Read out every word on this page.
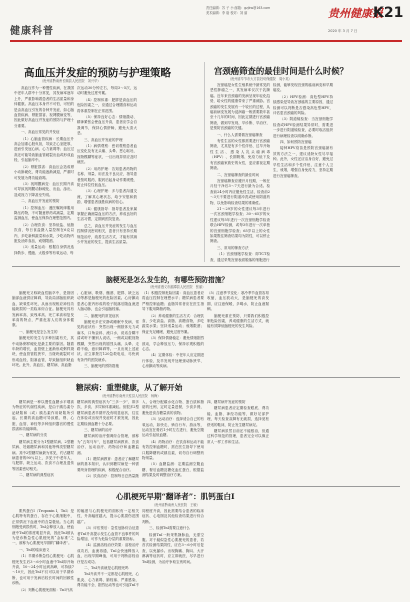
健康科普
责任编辑：苏 子 小 邮箱：gzjkw@163.com
美术编辑：李 晗 校对：刘 丽	贵州健康报
K21
2020 年 3 月 7 日
高血压并发症的预防与护理策略
（贵州省黔南州长顺县人民医院　刘兴华）

高血压作为一种慢性疾病，在我国中老年人群中十分常见，其发病率逐年上升，严重影响着患者的生活质量和身体健康。高血压本身并不可怕，可怕的是由高血压引发的各种并发症，如心脑血管疾病、肾脏损害、视网膜病变等，因此做好高血压并发症的预防与护理十分重要。

一、高血压常见的并发症

（1）心脑血管疾病：长期血压升高会加重心脏负担，导致左心室肥厚，进而引发冠心病、心力衰竭等；血压过高还可能导致脑血管破裂出血或形成血栓，引起脑卒中。

（2）肾脏损害：高血压会造成肾小动脉硬化，肾功能逐渐减退，严重时可发展为肾功能衰竭。

（3）视网膜病变：血压长期升高可导致视网膜动脉硬化、出血、渗出，造成视力下降甚至失明。

二、高血压并发症的预防

（1）控制血压：遵医嘱规律服用降压药物，不可随意停药或减量，定期监测血压，使血压保持在理想范围内。

（2）合理饮食：坚持低盐、低脂饮食，每日食盐摄入量控制在6克以内，多吃新鲜蔬菜和水果，少吃动物内脏及油炸食品，戒烟限酒。

（3）适量运动：根据自身情况选择散步、慢跑、太极拳等有氧运动，每

次运动30分钟左右，每周3～5次，运动时避免过度劳累。

（4）控制体重：肥胖是高血压的危险因素之一，应通过合理膳食和运动将体重控制在正常范围。

（5）保持良好心态：情绪激动、精神紧张会使血压升高，患者应学会自我调节，保持心情舒畅，避免大喜大悲。

三、高血压并发症的护理

（1）病情观察：密切观察患者血压变化及有无头痛、头晕、恶心呕吐、视物模糊等症状，一旦出现异常应及时就医。

（2）用药护理：告知患者药物的名称、剂量、用法及不良反应，指导患者按时服药，服药后起身动作要缓慢，防止体位性低血压。

（3）心理护理：多与患者沟通交流，了解其心理状态，给予安慰和鼓励，增强患者战胜疾病的信心。

（4）健康指导：指导患者及家属掌握正确测量血压的方法，养成良好的生活习惯，定期到医院复查。

总之，高血压并发症的发生与血压控制情况密切相关，患者只有坚持长期规范治疗，改善生活方式，才能有效减少并发症的发生，提高生活质量。

宫颈癌筛查的最佳时间是什么时候？
（贵州省毕节市大方县妇幼保健院　周小英）

宫颈癌是女性生殖系统中最常见的恶性肿瘤之一，其发病率仅次于乳腺癌。近年来宫颈癌的发病呈现年轻化趋势，给女性的健康带来了严重威胁。宫颈癌的发生发展有一个较长的过程，从癌前病变发展为浸润癌一般需要数年甚至十几年的时间，因此定期进行宫颈癌筛查，做到早发现、早诊断、早治疗，是预防宫颈癌的关键。

一、什么人需要做宫颈癌筛查

有性生活的女性都需要进行宫颈癌筛查，尤其是有多个性伴侣、过早开始性生活、感染人乳头瘤病毒（HPV）、长期吸烟、免疫力低下及有宫颈癌家族史的女性，更应重视定期筛查。

二、宫颈癌筛查的最佳时间

宫颈癌筛查应避开月经期，一般在月经干净后3～7天进行最为合适。检查前24小时内应避免性生活，检查前2～3天不要进行阴道冲洗或使用阴道药物，以免影响检查结果的准确性。

21～29岁的女性建议每3年进行一次宫颈细胞学检查；30～65岁的女性建议每5年进行一次宫颈细胞学检查联合HPV检测，或每3年进行一次单独的宫颈细胞学检查；65岁以上的女性如果既往筛查结果均为阴性，可以停止筛查。

三、常用的筛查方法

（1）宫颈细胞学检查：即TCT检查，通过采集宫颈表面脱落的细胞进行

检测，能够发现宫颈的癌前病变和早期癌变。

（2）HPV检测：高危型HPV持续感染是导致宫颈癌的主要原因，通过检测可以判断是否感染高危型HPV，评估患宫颈癌的风险。

（3）阴道镜检查：当宫颈细胞学检查或HPV检测结果异常时，需要进一步进行阴道镜检查，必要时取活组织进行病理检查以明确诊断。

四、如何预防宫颈癌

接种HPV疫苗是预防宫颈癌最有效的方法之一，建议适龄女性尽早接种。此外，女性还应洁身自好，避免过早性生活和多个性伴侣，注意个人卫生，戒烟，增强自身免疫力，坚持定期进行宫颈癌筛查。

脑梗死是怎么发生的，有哪些预防措施？
（贵州省遵义市湄潭县人民医院　张丽）

脑梗死又称缺血性脑卒中，是指因脑部血液供应障碍，导致局部脑组织缺血、缺氧性坏死，从而出现相应神经功能缺损的一类临床综合征。脑梗死具有发病率高、致残率高、死亡率高和复发率高的特点，严重危害人们的身体健康。

一、脑梗死是怎么发生的

脑梗死的发生与多种因素有关，其中动脉粥样硬化是最主要的原因。随着年龄的增长，血管壁上逐渐形成粥样斑块，使血管管腔狭窄，当斑块破裂时可形成血栓，阻塞血管，导致脑组织缺血坏死。此外，高血压、糖尿病、高血脂

、心脏病、吸烟、酗酒、肥胖、缺乏运动等都是脑梗死的危险因素。心房颤动患者心脏内形成的栓子脱落后随血流进入脑动脉，也会引起脑栓塞。

二、脑梗死的常见症状

脑梗死多在安静或睡眠中发病，常见的症状有：突然出现一侧肢体无力或麻木，口角歪斜、流口水，说话含糊不清或听不懂别人说话，一侧或双眼视物模糊，突然出现的剧烈头痛、头晕、走路不稳，意识障碍等。一旦出现上述症状，应立即拨打120急救电话，尽快到有条件的医院就诊。

三、脑梗死的预防措施

（1）积极控制危险因素：高血压患者应将血压控制在理想水平；糖尿病患者要严格控制血糖；血脂异常者应在医生指导下服用降脂药物。

（2）养成健康的生活方式：合理饮食，少吃高盐、高脂、高糖食物，多吃蔬菜水果；坚持适量运动；戒烟限酒；保证充足睡眠，避免过度劳累。

（3）保持情绪稳定：避免情绪剧烈波动，学会释放压力，保持乐观积极的心态。

（4）定期体检：中老年人应定期进行体检，及早发现并处理颈动脉狭窄、心房颤动等疾病。

（5）注意季节变化：寒冷季节血管容易收缩，血压波动大，是脑梗死的高发期，应注意保暖，多喝水，防止血液黏稠。

脑梗死重在预防，只要我们积极控制危险因素，养成健康的生活方式，就能有效降低脑梗死的发生风险。

糖尿病：重塑健康，从了解开始
（贵州省黔东南州天柱县人民医院　杨梅）

糖尿病是一种以慢性血糖水平增高为特征的代谢性疾病，是由于胰岛素分泌缺陷和（或）胰岛素作用缺陷所引起。长期的高血糖可导致眼、肾、心脏、血管、神经等多种组织器官的慢性损害和功能障碍。

一、糖尿病的分类

糖尿病主要分为1型糖尿病、2型糖尿病、妊娠糖尿病和其他特殊类型糖尿病。其中2型糖尿病最为常见，约占糖尿病患者的90％以上，多见于中老年人，与肥胖、缺乏运动、饮食不合理及遗传等因素密切相关。

二、糖尿病的典型症状

糖尿病的典型症状为“三多一少”，即多饮、多食、多尿和体重减轻。但很多2型糖尿病患者早期并没有明显症状，往往在体检或出现并发症时才被发现，因此定期检测血糖十分必要。

三、糖尿病的治疗

糖尿病的治疗强调综合管理，被称为“五驾马车”，包括糖尿病教育、饮食治疗、运动治疗、药物治疗和血糖监测。

（1）糖尿病教育：患者应了解糖尿病的基本知识，认识到糖尿病是一种需要终身管理的疾病，积极配合治疗。

（2）饮食治疗：控制每日总热量摄

入，合理分配碳水化合物、蛋白质和脂肪的比例，定时定量进餐，少食多餐，避免进食含糖量高的食物。

（3）运动治疗：选择适合自己的有氧运动，如快走、骑自行车、游泳等，运动宜在餐后1小时左右进行，避免空腹运动引起低血糖。

（4）药物治疗：在饮食和运动不能有效控制血糖时，需在医生指导下使用口服降糖药或胰岛素，切勿自行调整药物剂量。

（5）血糖监测：定期监测空腹血糖、餐后血糖及糖化血红蛋白，根据监测结果及时调整治疗方案。

四、糖尿病并发症的预防

糖尿病患者应定期检查眼底、肾功能、血脂、神经功能等，做好足部护理，每天检查双脚有无破损，选择宽松舒适的鞋袜，防止发生糖尿病足。

糖尿病虽然目前还不能根治，但通过科学规范的管理，患者完全可以像正常人一样工作和生活。

心肌梗死早期“翻译者”：肌钙蛋白Ⅰ
（贵州省黔南州人民医院　王敏）

肌钙蛋白Ⅰ（Troponin Ⅰ，TnI）是心肌特有的蛋白，存在于心肌细胞中，正常情况下血液中的含量极低。当心肌细胞受到损伤时，TnI会释放入血，使血液中TnI的浓度明显升高，因此TnI被认为是诊断急性心肌梗死的“金标准”之一，被称为心肌梗死早期的“翻译者”。

一、TnI的临床意义

（1）早期诊断急性心肌梗死：心肌梗死发生后3～6小时血液中TnI即开始升高，10～24小时达到高峰，可持续7～10天，因此TnI不仅可以用于早期诊断，也可用于发病后较长时间的回顾性诊断。

（2）判断心肌梗死面积：TnI升高

的幅度与心肌梗死的面积有一定相关性，升高幅度越大，提示心肌损伤范围越广。

（3）评估预后：急性冠脉综合征患者TnI升高提示发生心血管不良事件的风险增加，可作为危险分层的重要指标。

（4）监测溶栓治疗效果：溶栓治疗成功后，血流再通，TnI会快速释放入血，出现早期峰值，可用于判断溶栓治疗是否成功。

二、TnI升高就是心肌梗死吗

TnI升高并不一定都是心肌梗死，心肌炎、心力衰竭、肺栓塞、严重感染、肾功能不全、剧烈运动等也可引起TnI不

同程度升高，因此需要结合患者的临床症状、心电图及其他检查结果进行综合判断。

三、检测TnI需要注意什么

检测TnI一般采集静脉血，无需空腹。对于疑似急性心肌梗死的患者，若首次检测结果阴性，应在3～6小时后复查，以免漏诊。出现胸痛、胸闷、大汗淋漓等症状时，应立即就医，尽早进行TnI检测，为治疗争取宝贵时间。
